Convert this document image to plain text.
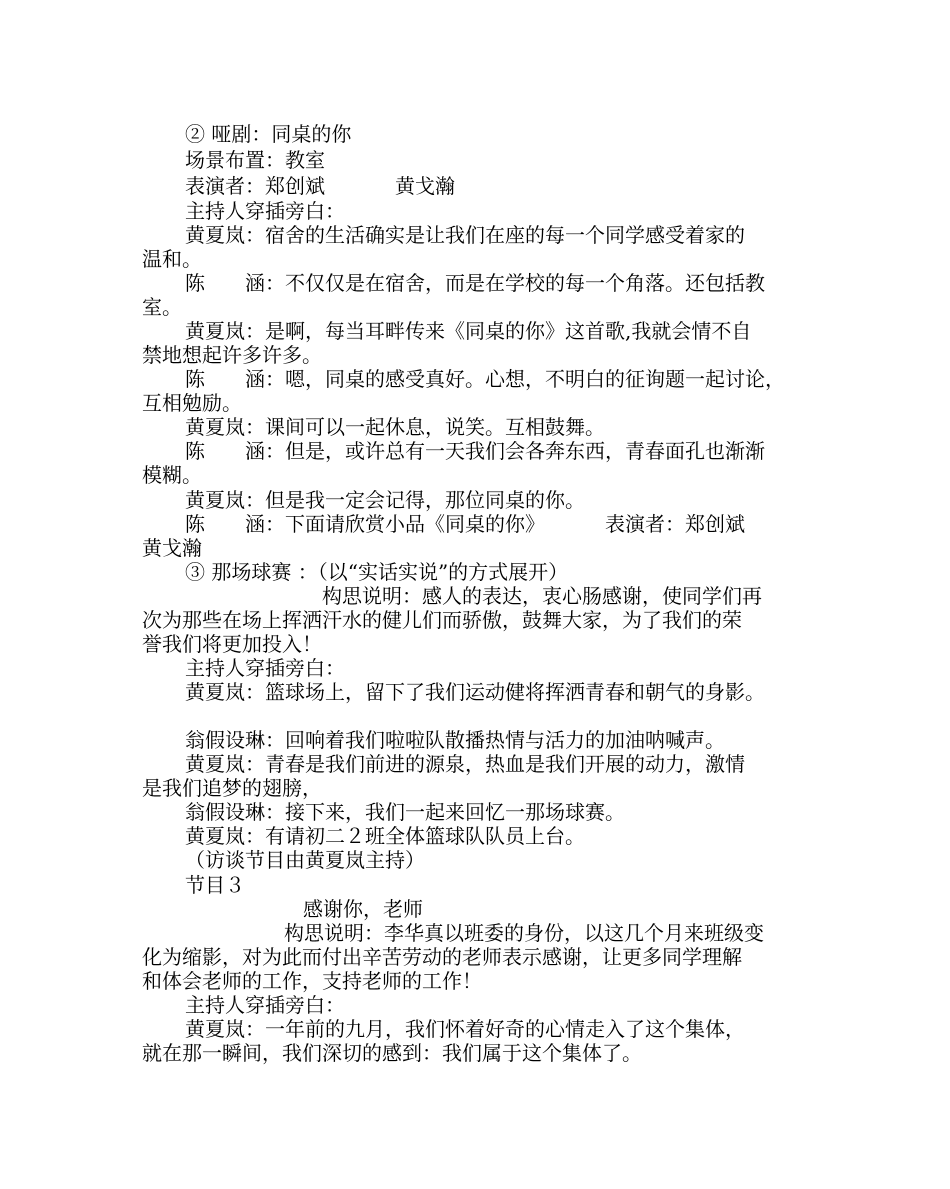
② 哑剧：同桌的你
场景布置：教室
表演者：郑创斌	黄戈瀚
主持人穿插旁白：
黄夏岚：宿舍的生活确实是让我们在座的每一个同学感受着家的
温和。
陈　　涵：不仅仅是在宿舍，而是在学校的每一个角落。还包括教
室。
黄夏岚：是啊，每当耳畔传来《同桌的你》这首歌,我就会情不自
禁地想起许多许多。
陈　　涵：嗯，同桌的感受真好。心想，不明白的征询题一起讨论，
互相勉励。
黄夏岚：课间可以一起休息，说笑。互相鼓舞。
陈　　涵：但是，或许总有一天我们会各奔东西，青春面孔也渐渐
模糊。
黄夏岚：但是我一定会记得，那位同桌的你。
陈　　涵：下面请欣赏小品《同桌的你》	表演者：郑创斌
黄戈瀚
③ 那场球赛 ：（以“实话实说”的方式展开）
构思说明：感人的表达，衷心肠感谢，使同学们再
次为那些在场上挥洒汗水的健儿们而骄傲，鼓舞大家，为了我们的荣
誉我们将更加投入！
主持人穿插旁白：
黄夏岚：篮球场上，留下了我们运动健将挥洒青春和朝气的身影。
翁假设琳：回响着我们啦啦队散播热情与活力的加油呐喊声。
黄夏岚：青春是我们前进的源泉，热血是我们开展的动力，激情
是我们追梦的翅膀，
翁假设琳：接下来，我们一起来回忆一那场球赛。
黄夏岚：有请初二２班全体篮球队队员上台。
（访谈节目由黄夏岚主持）
节目３
感谢你，老师
构思说明：李华真以班委的身份，以这几个月来班级变
化为缩影，对为此而付出辛苦劳动的老师表示感谢，让更多同学理解
和体会老师的工作，支持老师的工作！
主持人穿插旁白：
黄夏岚：一年前的九月，我们怀着好奇的心情走入了这个集体，
就在那一瞬间，我们深切的感到：我们属于这个集体了。
